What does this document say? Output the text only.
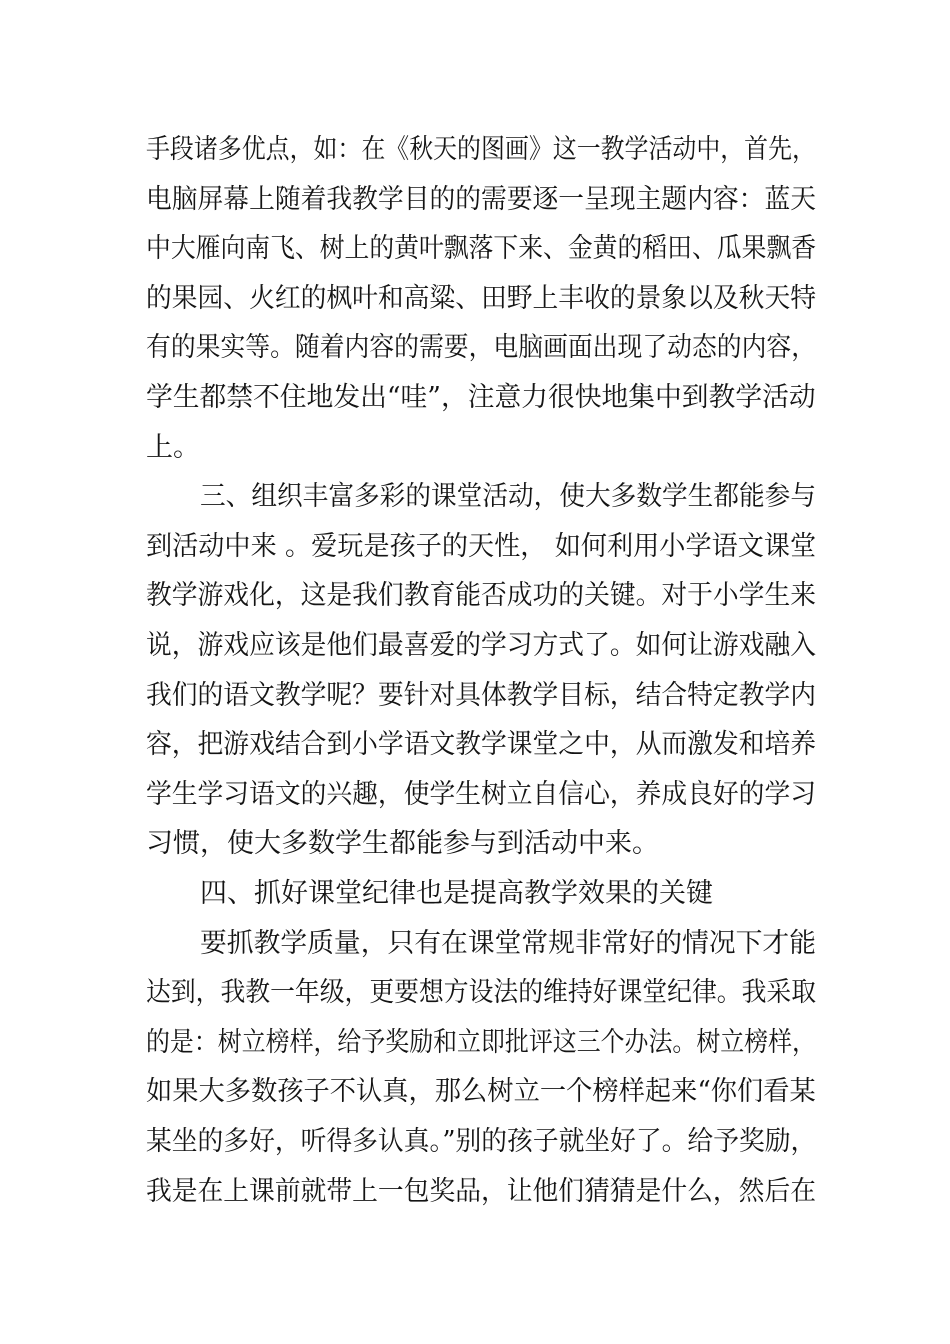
手段诸多优点，如：在《秋天的图画》这一教学活动中，首先，
电脑屏幕上随着我教学目的的需要逐一呈现主题内容：蓝天
中大雁向南飞、树上的黄叶飘落下来、金黄的稻田、瓜果飘香
的果园、火红的枫叶和高粱、田野上丰收的景象以及秋天特
有的果实等。随着内容的需要，电脑画面出现了动态的内容，
学生都禁不住地发出“哇”，注意力很快地集中到教学活动
上。
三、组织丰富多彩的课堂活动，使大多数学生都能参与
到活动中来 。爱玩是孩子的天性， 如何利用小学语文课堂
教学游戏化，这是我们教育能否成功的关键。对于小学生来
说，游戏应该是他们最喜爱的学习方式了。如何让游戏融入
我们的语文教学呢？要针对具体教学目标，结合特定教学内
容，把游戏结合到小学语文教学课堂之中，从而激发和培养
学生学习语文的兴趣，使学生树立自信心，养成良好的学习
习惯，使大多数学生都能参与到活动中来。
四、抓好课堂纪律也是提高教学效果的关键
要抓教学质量，只有在课堂常规非常好的情况下才能
达到，我教一年级，更要想方设法的维持好课堂纪律。我采取
的是：树立榜样，给予奖励和立即批评这三个办法。树立榜样，
如果大多数孩子不认真，那么树立一个榜样起来“你们看某
某坐的多好，听得多认真。”别的孩子就坐好了。给予奖励，
我是在上课前就带上一包奖品，让他们猜猜是什么，然后在
